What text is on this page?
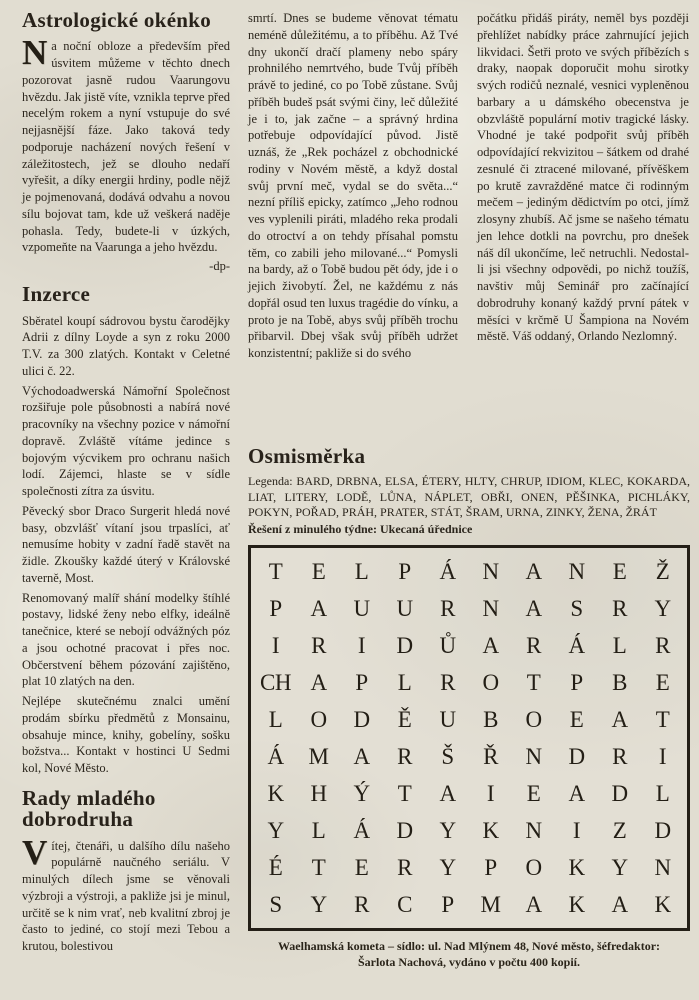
Astrologické okénko

Na noční obloze a především před úsvitem můžeme v těchto dnech pozorovat jasně rudou Vaarungovu hvězdu. Jak jistě víte, vznikla teprve před necelým rokem a nyní vstupuje do své nejjasnější fáze. Jako taková tedy podporuje nacházení nových řešení v záležitostech, jež se dlouho nedaří vyřešit, a díky energii hrdiny, podle nějž je pojmenovaná, dodává odvahu a novou sílu bojovat tam, kde už veškerá naděje pohasla. Tedy, budete-li v úzkých, vzpomeňte na Vaarunga a jeho hvězdu.

-dp-

Inzerce

Sběratel koupí sádrovou bystu čarodějky Adrii z dílny Loyde a syn z roku 2000 T.V. za 300 zlatých. Kontakt v Celetné ulici č. 22.

Východoadwerská Námořní Společnost rozšiřuje pole působnosti a nabírá nové pracovníky na všechny pozice v námořní dopravě. Zvláště vítáme jedince s bojovým výcvikem pro ochranu našich lodí. Zájemci, hlaste se v sídle společnosti zítra za úsvitu.

Pěvecký sbor Draco Surgerit hledá nové basy, obzvlášť vítaní jsou trpaslíci, ať nemusíme hobity v zadní řadě stavět na židle. Zkoušky každé úterý v Královské taverně, Most.

Renomovaný malíř shání modelky štíhlé postavy, lidské ženy nebo elfky, ideálně tanečnice, které se nebojí odvážných póz a jsou ochotné pracovat i přes noc. Občerstvení během pózování zajištěno, plat 10 zlatých na den.

Nejlépe skutečnému znalci umění prodám sbírku předmětů z Monsainu, obsahuje mince, knihy, gobelíny, sošku božstva... Kontakt v hostinci U Sedmi kol, Nové Město.

Rady mladého dobrodruha

Vítej, čtenáři, u dalšího dílu našeho populárně naučného seriálu. V minulých dílech jsme se věnovali výzbroji a výstroji, a pakliže jsi je minul, určitě se k nim vrať, neb kvalitní zbroj je často to jediné, co stojí mezi Tebou a krutou, bolestivou

smrtí. Dnes se budeme věnovat tématu neméně důležitému, a to příběhu. Až Tvé dny ukončí dračí plameny nebo spáry prohnilého nemrtvého, bude Tvůj příběh právě to jediné, co po Tobě zůstane. Svůj příběh budeš psát svými činy, leč důležité je i to, jak začne – a správný hrdina potřebuje odpovídající původ. Jistě uznáš, že „Rek pocházel z obchodnické rodiny v Novém městě, a když dostal svůj první meč, vydal se do světa...“ nezní příliš epicky, zatímco „Jeho rodnou ves vyplenili piráti, mladého reka prodali do otroctví a on tehdy přísahal pomstu těm, co zabili jeho milované...“ Pomysli na bardy, až o Tobě budou pět ódy, jde i o jejich živobytí. Žel, ne každému z nás dopřál osud ten luxus tragédie do vínku, a proto je na Tobě, abys svůj příběh trochu přibarvil. Dbej však svůj příběh udržet konzistentní; pakliže si do svého

počátku přidáš piráty, neměl bys později přehlížet nabídky práce zahrnující jejich likvidaci. Šetři proto ve svých příbězích s draky, naopak doporučit mohu sirotky svých rodičů neznalé, vesnici vypleněnou barbary a u dámského obecenstva je obzvláště populární motiv tragické lásky. Vhodné je také podpořit svůj příběh odpovídající rekvizitou – šátkem od drahé zesnulé či ztracené milované, přívěškem po krutě zavražděné matce či rodinným mečem – jediným dědictvím po otci, jímž zlosyny zhubíš. Ač jsme se našeho tématu jen lehce dotkli na povrchu, pro dnešek náš díl ukončíme, leč netruchli. Nedostal-li jsi všechny odpovědi, po nichž toužíš, navštiv můj Seminář pro začínající dobrodruhy konaný každý první pátek v měsíci v krčmě U Šampiona na Novém městě. Váš oddaný, Orlando Nezlomný.

Osmisměrka

Legenda: BARD, DRBNA, ELSA, ÉTERY, HLTY, CHRUP, IDIOM, KLEC, KOKARDA, LIAT, LITERY, LODĚ, LŮNA, NÁPLET, OBŘI, ONEN, PĚŠINKA, PICHLÁKY, POKYN, POŘAD, PRÁH, PRATER, STÁT, ŠRAM, URNA, ZINKY, ŽENA, ŽRÁT

Řešení z minulého týdne: Ukecaná úřednice

T	E	L	P	Á	N	A	N	E	Ž
P	A	U	U	R	N	A	S	R	Y
I	R	I	D	Ů	A	R	Á	L	R
CH A	P	L	R	O	T	P	B	E
L	O	D	Ě	U	B	O	E	A	T
Á	M	A	R	Š	Ř	N	D	R	I
K	H	Ý	T	A	I	E	A	D	L
Y	L	Á	D	Y	K	N	I	Z	D
É	T	E	R	Y	P	O	K	Y	N
S	Y	R	C	P	M	A	K	A	K
Waelhamská kometa – sídlo: ul. Nad Mlýnem 48, Nové město, šéfredaktor: Šarlota Nachová, vydáno v počtu 400 kopií.
